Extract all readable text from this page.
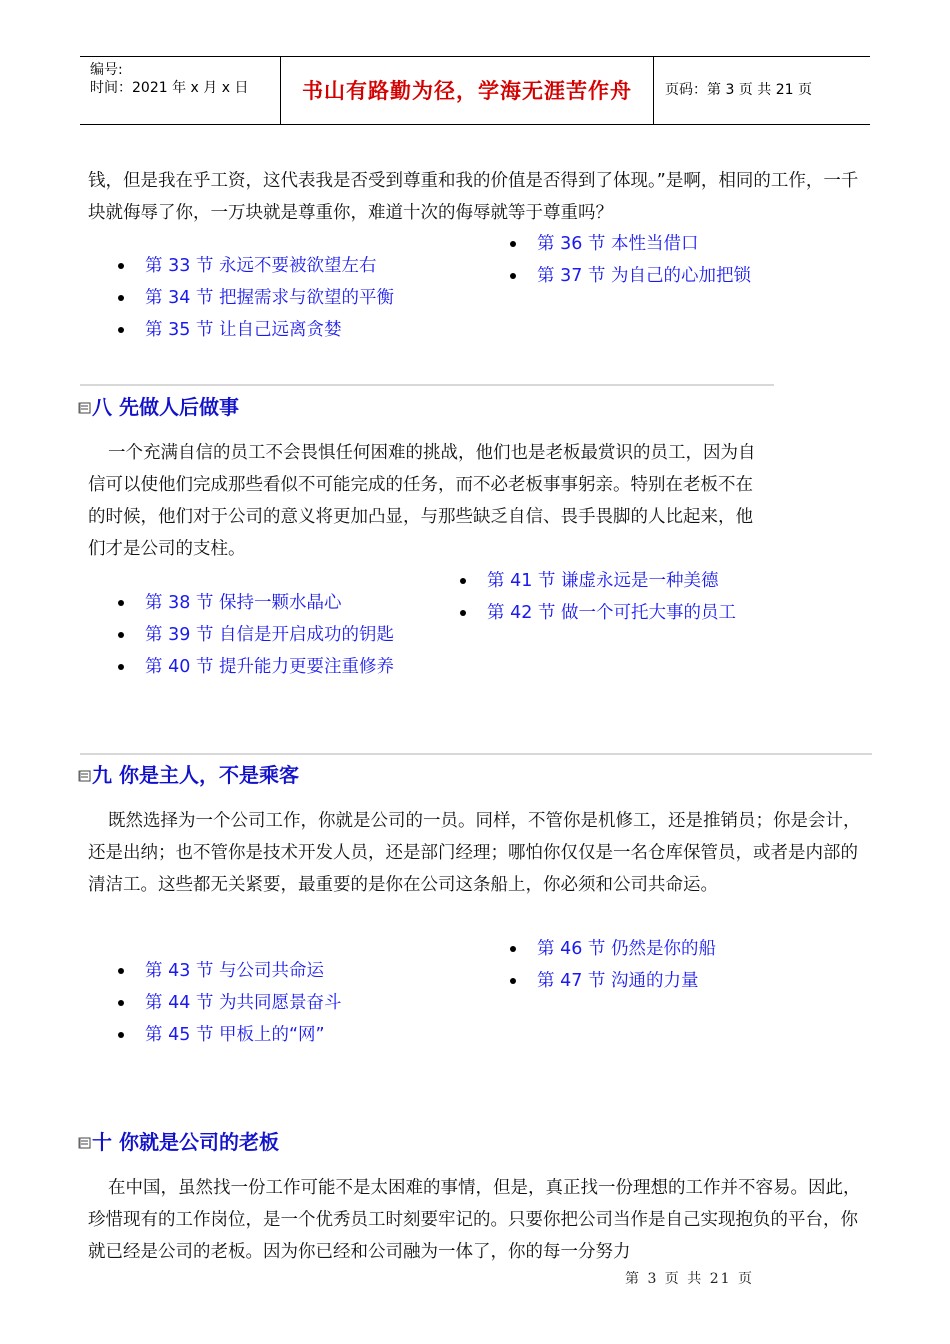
编号:
时间：2021 年 x 月 x 日	书山有路勤为径，学海无涯苦作舟	页码：第 3 页 共 21 页
钱，但是我在乎工资，这代表我是否受到尊重和我的价值是否得到了体现。”是啊，相同的工作，一千块就侮辱了你，一万块就是尊重你，难道十次的侮辱就等于尊重吗？
第 33 节 永远不要被欲望左右
第 34 节 把握需求与欲望的平衡
第 35 节 让自己远离贪婪
第 36 节 本性当借口
第 37 节 为自己的心加把锁
八 先做人后做事
一个充满自信的员工不会畏惧任何困难的挑战，他们也是老板最赏识的员工，因为自信可以使他们完成那些看似不可能完成的任务，而不必老板事事躬亲。特别在老板不在的时候，他们对于公司的意义将更加凸显，与那些缺乏自信、畏手畏脚的人比起来，他们才是公司的支柱。
第 38 节 保持一颗水晶心
第 39 节 自信是开启成功的钥匙
第 40 节 提升能力更要注重修养
第 41 节 谦虚永远是一种美德
第 42 节 做一个可托大事的员工
九 你是主人，不是乘客
既然选择为一个公司工作，你就是公司的一员。同样，不管你是机修工，还是推销员；你是会计，还是出纳；也不管你是技术开发人员，还是部门经理；哪怕你仅仅是一名仓库保管员，或者是内部的清洁工。这些都无关紧要，最重要的是你在公司这条船上，你必须和公司共命运。
第 43 节 与公司共命运
第 44 节 为共同愿景奋斗
第 45 节 甲板上的“网”
第 46 节 仍然是你的船
第 47 节 沟通的力量
十 你就是公司的老板
在中国，虽然找一份工作可能不是太困难的事情，但是，真正找一份理想的工作并不容易。因此，珍惜现有的工作岗位，是一个优秀员工时刻要牢记的。只要你把公司当作是自己实现抱负的平台，你就已经是公司的老板。因为你已经和公司融为一体了，你的每一分努力
第 3 页 共 21 页
